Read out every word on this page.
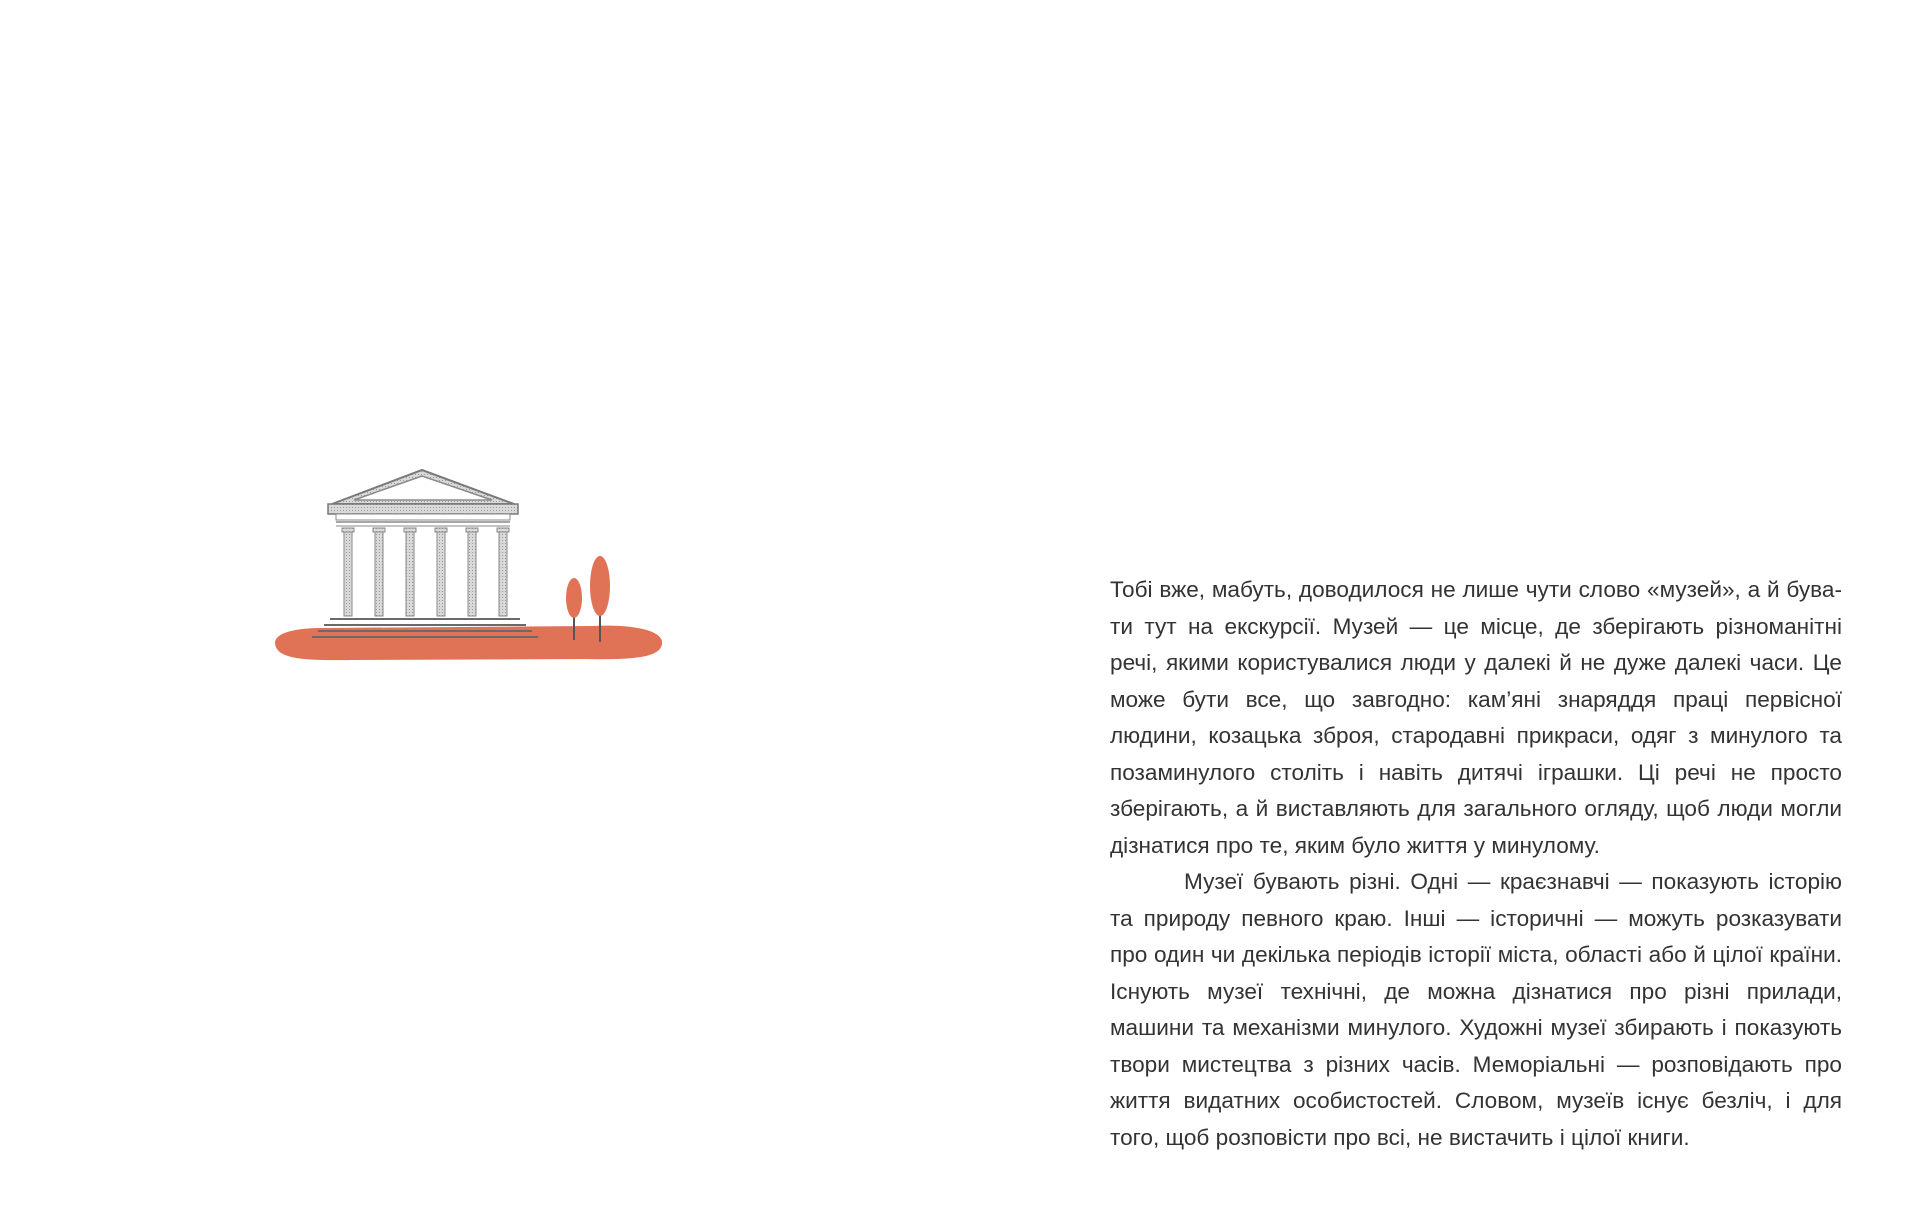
Тобі вже, мабуть, доводилося не лише чути слово «музей», а й бувати тут на екскурсії. Музей — це місце, де зберігають різноманітні речі, якими користувалися люди у далекі й не дуже далекі часи. Це може бути все, що завгодно: кам’яні знаряддя праці первісної людини, козацька зброя, стародавні прикраси, одяг з минулого та позаминулого століть і навіть дитячі іграшки. Ці речі не просто зберігають, а й виставляють для загального огляду, щоб люди могли дізнатися про те, яким було життя у минулому.

Музеї бувають різні. Одні — краєзнавчі — показують історію та природу певного краю. Інші — історичні — можуть розказувати про один чи декілька періодів історії міста, області або й цілої країни. Існують музеї технічні, де можна дізнатися про різні прилади, машини та механізми минулого. Художні музеї збирають і показують твори мистецтва з різних часів. Меморіальні — розповідають про життя видатних особистостей. Словом, музеїв існує безліч, і для того, щоб розповісти про всі, не вистачить і цілої книги.
